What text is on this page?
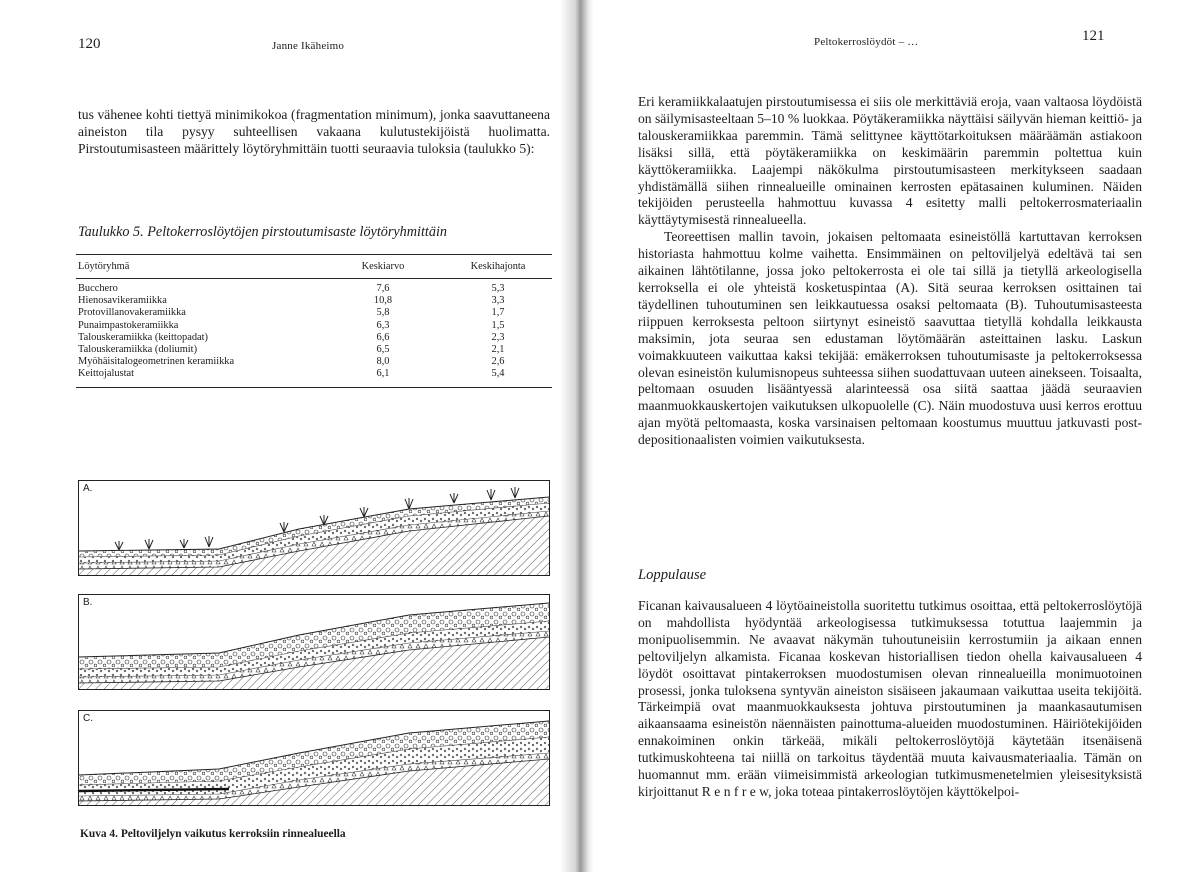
120	Janne Ikäheimo

tus vähenee kohti tiettyä minimikokoa (fragmentation minimum), jonka saavuttaneena aineiston tila pysyy suhteellisen vakaana kulutustekijöistä huolimatta. Pirstoutumisasteen määrittely löytöryhmittäin tuotti seuraavia tuloksia (taulukko 5):

Taulukko 5. Peltokerroslöytöjen pirstoutumisaste löytöryhmittäin
Löytöryhmä	Keskiarvo	Keskihajonta
Bucchero	7,6	5,3
Hienosavikeramiikka	10,8	3,3
Protovillanovakeramiikka	5,8	1,7
Punaimpastokeramiikka	6,3	1,5
Talouskeramiikka (keittopadat)	6,6	2,3
Talouskeramiikka (doliumit)	6,5	2,1
Myöhäisitalogeometrinen keramiikka	8,0	2,6
Keittojalustat	6,1	5,4
A.
B.
C.
Kuva 4. Peltoviljelyn vaikutus kerroksiin rinnealueella
Peltokerroslöydöt – …	121

Eri keramiikkalaatujen pirstoutumisessa ei siis ole merkittäviä eroja, vaan valtaosa löydöistä on säilymisasteeltaan 5–10 % luokkaa. Pöytäkeramiikka näyttäisi säilyvän hieman keittiö- ja talouskeramiikkaa paremmin. Tämä selittynee käyttötarkoituksen määräämän astiakoon lisäksi sillä, että pöytäkeramiikka on keskimäärin paremmin poltettua kuin käyttökeramiikka. Laajempi näkökulma pirstoutumisasteen merkitykseen saadaan yhdistämällä siihen rinnealueille ominainen kerrosten epätasainen kuluminen. Näiden tekijöiden perusteella hahmottuu kuvassa 4 esitetty malli peltokerrosmateriaalin käyttäytymisestä rinnealueella.

Teoreettisen mallin tavoin, jokaisen peltomaata esineistöllä kartuttavan kerroksen historiasta hahmottuu kolme vaihetta. Ensimmäinen on peltoviljelyä edeltävä tai sen aikainen lähtötilanne, jossa joko peltokerrosta ei ole tai sillä ja tietyllä arkeologisella kerroksella ei ole yhteistä kosketuspintaa (A). Sitä seuraa kerroksen osittainen tai täydellinen tuhoutuminen sen leikkautuessa osaksi peltomaata (B). Tuhoutumisasteesta riippuen kerroksesta peltoon siirtynyt esineistö saavuttaa tietyllä kohdalla leikkausta maksimin, jota seuraa sen edustaman löytömäärän asteittainen lasku. Laskun voimakkuuteen vaikuttaa kaksi tekijää: emäkerroksen tuhoutumisaste ja peltokerroksessa olevan esineistön kulumisnopeus suhteessa siihen suodattuvaan uuteen ainekseen. Toisaalta, peltomaan osuuden lisääntyessä alarinteessä osa siitä saattaa jäädä seuraavien maanmuokkauskertojen vaikutuksen ulkopuolelle (C). Näin muodostuva uusi kerros erottuu ajan myötä peltomaasta, koska varsinaisen peltomaan koostumus muuttuu jatkuvasti post-depositionaalisten voimien vaikutuksesta.

Loppulause

Ficanan kaivausalueen 4 löytöaineistolla suoritettu tutkimus osoittaa, että peltokerroslöytöjä on mahdollista hyödyntää arkeologisessa tutkimuksessa totuttua laajemmin ja monipuolisemmin. Ne avaavat näkymän tuhoutuneisiin kerrostumiin ja aikaan ennen peltoviljelyn alkamista. Ficanaa koskevan historiallisen tiedon ohella kaivausalueen 4 löydöt osoittavat pintakerroksen muodostumisen olevan rinnealueilla monimuotoinen prosessi, jonka tuloksena syntyvän aineiston sisäiseen jakaumaan vaikuttaa useita tekijöitä. Tärkeimpiä ovat maanmuokkauksesta johtuva pirstoutuminen ja maankasautumisen aikaansaama esineistön näennäisten painottuma-alueiden muodostuminen. Häiriötekijöiden ennakoiminen onkin tärkeää, mikäli peltokerroslöytöjä käytetään itsenäisenä tutkimuskohteena tai niillä on tarkoitus täydentää muuta kaivausmateriaalia. Tämän on huomannut mm. erään viimeisimmistä arkeologian tutkimusmenetelmien yleisesityksistä kirjoittanut R e n f r e w, joka toteaa pintakerroslöytöjen käyttökelpoi-
